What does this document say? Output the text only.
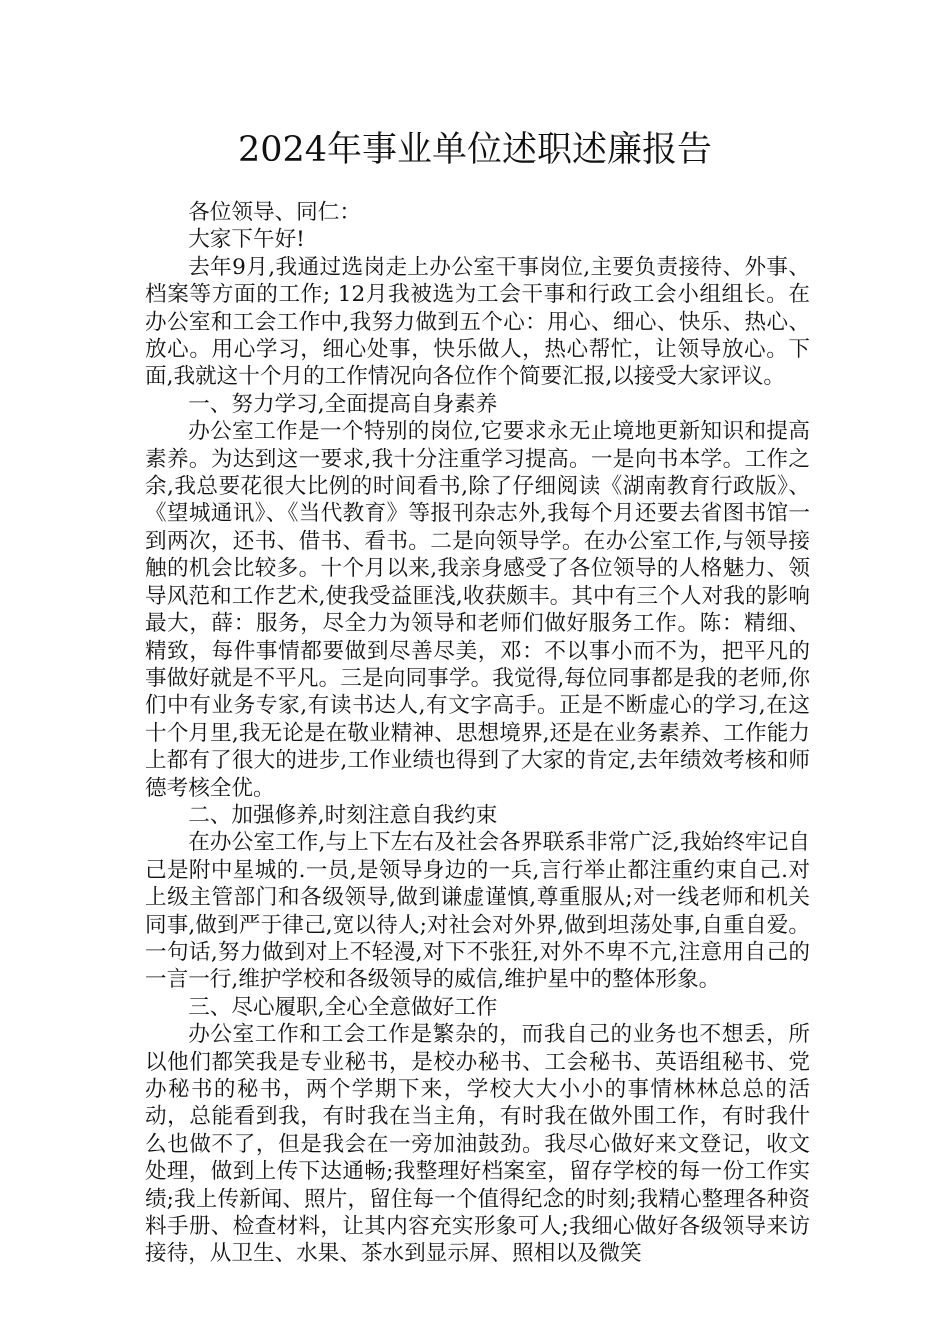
2024年事业单位述职述廉报告

各位领导、同仁：

大家下午好!

去年9月,我通过选岗走上办公室干事岗位,主要负责接待、外事、档案等方面的工作; 12月我被选为工会干事和行政工会小组组长。在办公室和工会工作中,我努力做到五个心：用心、细心、快乐、热心、放心。用心学习，细心处事，快乐做人，热心帮忙，让领导放心。下面,我就这十个月的工作情况向各位作个简要汇报,以接受大家评议。

一、努力学习,全面提高自身素养

办公室工作是一个特别的岗位,它要求永无止境地更新知识和提高素养。为达到这一要求,我十分注重学习提高。一是向书本学。工作之余,我总要花很大比例的时间看书,除了仔细阅读《湖南教育行政版》、《望城通讯》、《当代教育》等报刊杂志外,我每个月还要去省图书馆一到两次，还书、借书、看书。二是向领导学。在办公室工作,与领导接触的机会比较多。十个月以来,我亲身感受了各位领导的人格魅力、领导风范和工作艺术,使我受益匪浅,收获颇丰。其中有三个人对我的影响最大，薛：服务，尽全力为领导和老师们做好服务工作。陈：精细、精致，每件事情都要做到尽善尽美，邓：不以事小而不为，把平凡的事做好就是不平凡。三是向同事学。我觉得,每位同事都是我的老师,你们中有业务专家,有读书达人,有文字高手。正是不断虚心的学习,在这十个月里,我无论是在敬业精神、思想境界,还是在业务素养、工作能力上都有了很大的进步,工作业绩也得到了大家的肯定,去年绩效考核和师德考核全优。

二、加强修养,时刻注意自我约束

在办公室工作,与上下左右及社会各界联系非常广泛,我始终牢记自己是附中星城的.一员,是领导身边的一兵,言行举止都注重约束自己.对上级主管部门和各级领导,做到谦虚谨慎,尊重服从;对一线老师和机关同事,做到严于律己,宽以待人;对社会对外界,做到坦荡处事,自重自爱。一句话,努力做到对上不轻漫,对下不张狂,对外不卑不亢,注意用自己的一言一行,维护学校和各级领导的威信,维护星中的整体形象。

三、尽心履职,全心全意做好工作

办公室工作和工会工作是繁杂的，而我自己的业务也不想丢，所以他们都笑我是专业秘书，是校办秘书、工会秘书、英语组秘书、党办秘书的秘书，两个学期下来，学校大大小小的事情林林总总的活动，总能看到我，有时我在当主角，有时我在做外围工作，有时我什么也做不了，但是我会在一旁加油鼓劲。我尽心做好来文登记，收文处理，做到上传下达通畅;我整理好档案室，留存学校的每一份工作实绩;我上传新闻、照片，留住每一个值得纪念的时刻;我精心整理各种资料手册、检查材料，让其内容充实形象可人;我细心做好各级领导来访接待，从卫生、水果、茶水到显示屏、照相以及微笑
